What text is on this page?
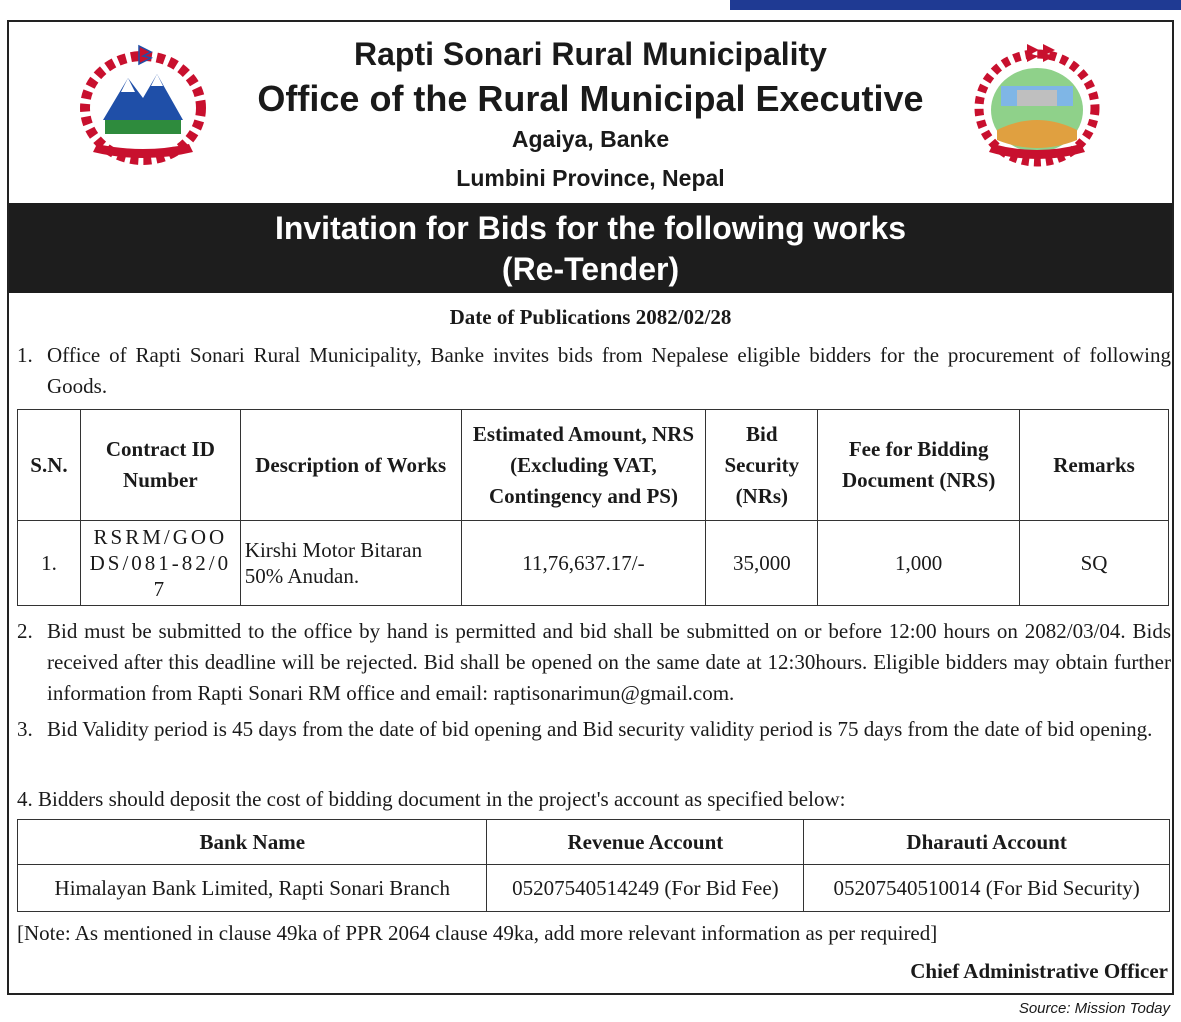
Rapti Sonari Rural Municipality
Office of the Rural Municipal Executive
Agaiya, Banke
Lumbini Province, Nepal
Invitation for Bids for the following works
(Re-Tender)
Date of Publications 2082/02/28
1. Office of Rapti Sonari Rural Municipality, Banke invites bids from Nepalese eligible bidders for the procurement of following Goods.
S.N.	Contract ID Number	Description of Works	Estimated Amount, NRS (Excluding VAT, Contingency and PS)	Bid Security (NRs)	Fee for Bidding Document (NRS)	Remarks
1.	RSRM/GOODS/081-82/07	Kirshi Motor Bitaran 50% Anudan.	11,76,637.17/-	35,000	1,000	SQ
2. Bid must be submitted to the office by hand is permitted and bid shall be submitted on or before 12:00 hours on 2082/03/04. Bids received after this deadline will be rejected. Bid shall be opened on the same date at 12:30hours. Eligible bidders may obtain further information from Rapti Sonari RM office and email: raptisonarimun@gmail.com.
3. Bid Validity period is 45 days from the date of bid opening and Bid security validity period is 75 days from the date of bid opening.
4. Bidders should deposit the cost of bidding document in the project's account as specified below:
Bank Name	Revenue Account	Dharauti Account
Himalayan Bank Limited, Rapti Sonari Branch	05207540514249 (For Bid Fee)	05207540510014 (For Bid Security)
[Note: As mentioned in clause 49ka of PPR 2064 clause 49ka, add more relevant information as per required]
Chief Administrative Officer
Source: Mission Today
